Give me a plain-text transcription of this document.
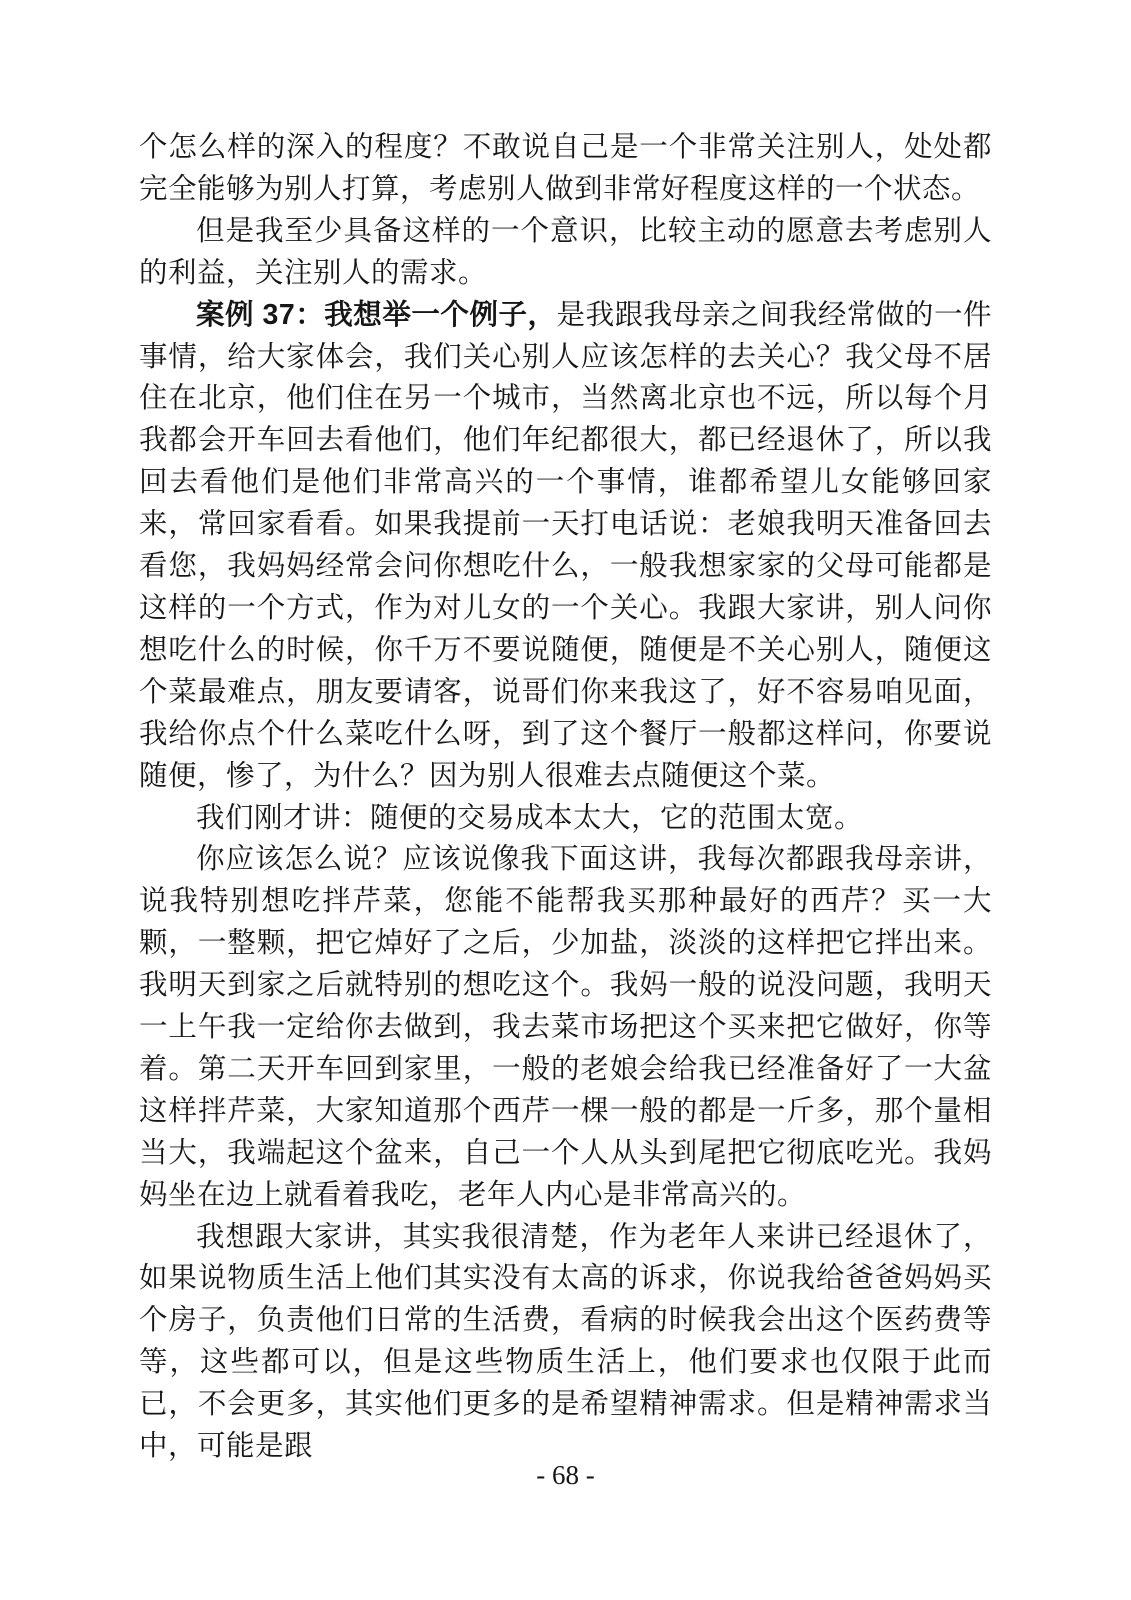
个怎么样的深入的程度？不敢说自己是一个非常关注别人，处处都完全能够为别人打算，考虑别人做到非常好程度这样的一个状态。

但是我至少具备这样的一个意识，比较主动的愿意去考虑别人的利益，关注别人的需求。

案例 37：我想举一个例子，是我跟我母亲之间我经常做的一件事情，给大家体会，我们关心别人应该怎样的去关心？我父母不居住在北京，他们住在另一个城市，当然离北京也不远，所以每个月我都会开车回去看他们，他们年纪都很大，都已经退休了，所以我回去看他们是他们非常高兴的一个事情，谁都希望儿女能够回家来，常回家看看。如果我提前一天打电话说：老娘我明天准备回去看您，我妈妈经常会问你想吃什么，一般我想家家的父母可能都是这样的一个方式，作为对儿女的一个关心。我跟大家讲，别人问你想吃什么的时候，你千万不要说随便，随便是不关心别人，随便这个菜最难点，朋友要请客，说哥们你来我这了，好不容易咱见面，我给你点个什么菜吃什么呀，到了这个餐厅一般都这样问，你要说随便，惨了，为什么？因为别人很难去点随便这个菜。

我们刚才讲：随便的交易成本太大，它的范围太宽。

你应该怎么说？应该说像我下面这讲，我每次都跟我母亲讲，说我特别想吃拌芹菜，您能不能帮我买那种最好的西芹？买一大颗，一整颗，把它焯好了之后，少加盐，淡淡的这样把它拌出来。我明天到家之后就特别的想吃这个。我妈一般的说没问题，我明天一上午我一定给你去做到，我去菜市场把这个买来把它做好，你等着。第二天开车回到家里，一般的老娘会给我已经准备好了一大盆这样拌芹菜，大家知道那个西芹一棵一般的都是一斤多，那个量相当大，我端起这个盆来，自己一个人从头到尾把它彻底吃光。我妈妈坐在边上就看着我吃，老年人内心是非常高兴的。

我想跟大家讲，其实我很清楚，作为老年人来讲已经退休了，如果说物质生活上他们其实没有太高的诉求，你说我给爸爸妈妈买个房子，负责他们日常的生活费，看病的时候我会出这个医药费等等，这些都可以，但是这些物质生活上，他们要求也仅限于此而已，不会更多，其实他们更多的是希望精神需求。但是精神需求当中，可能是跟

- 68 -
